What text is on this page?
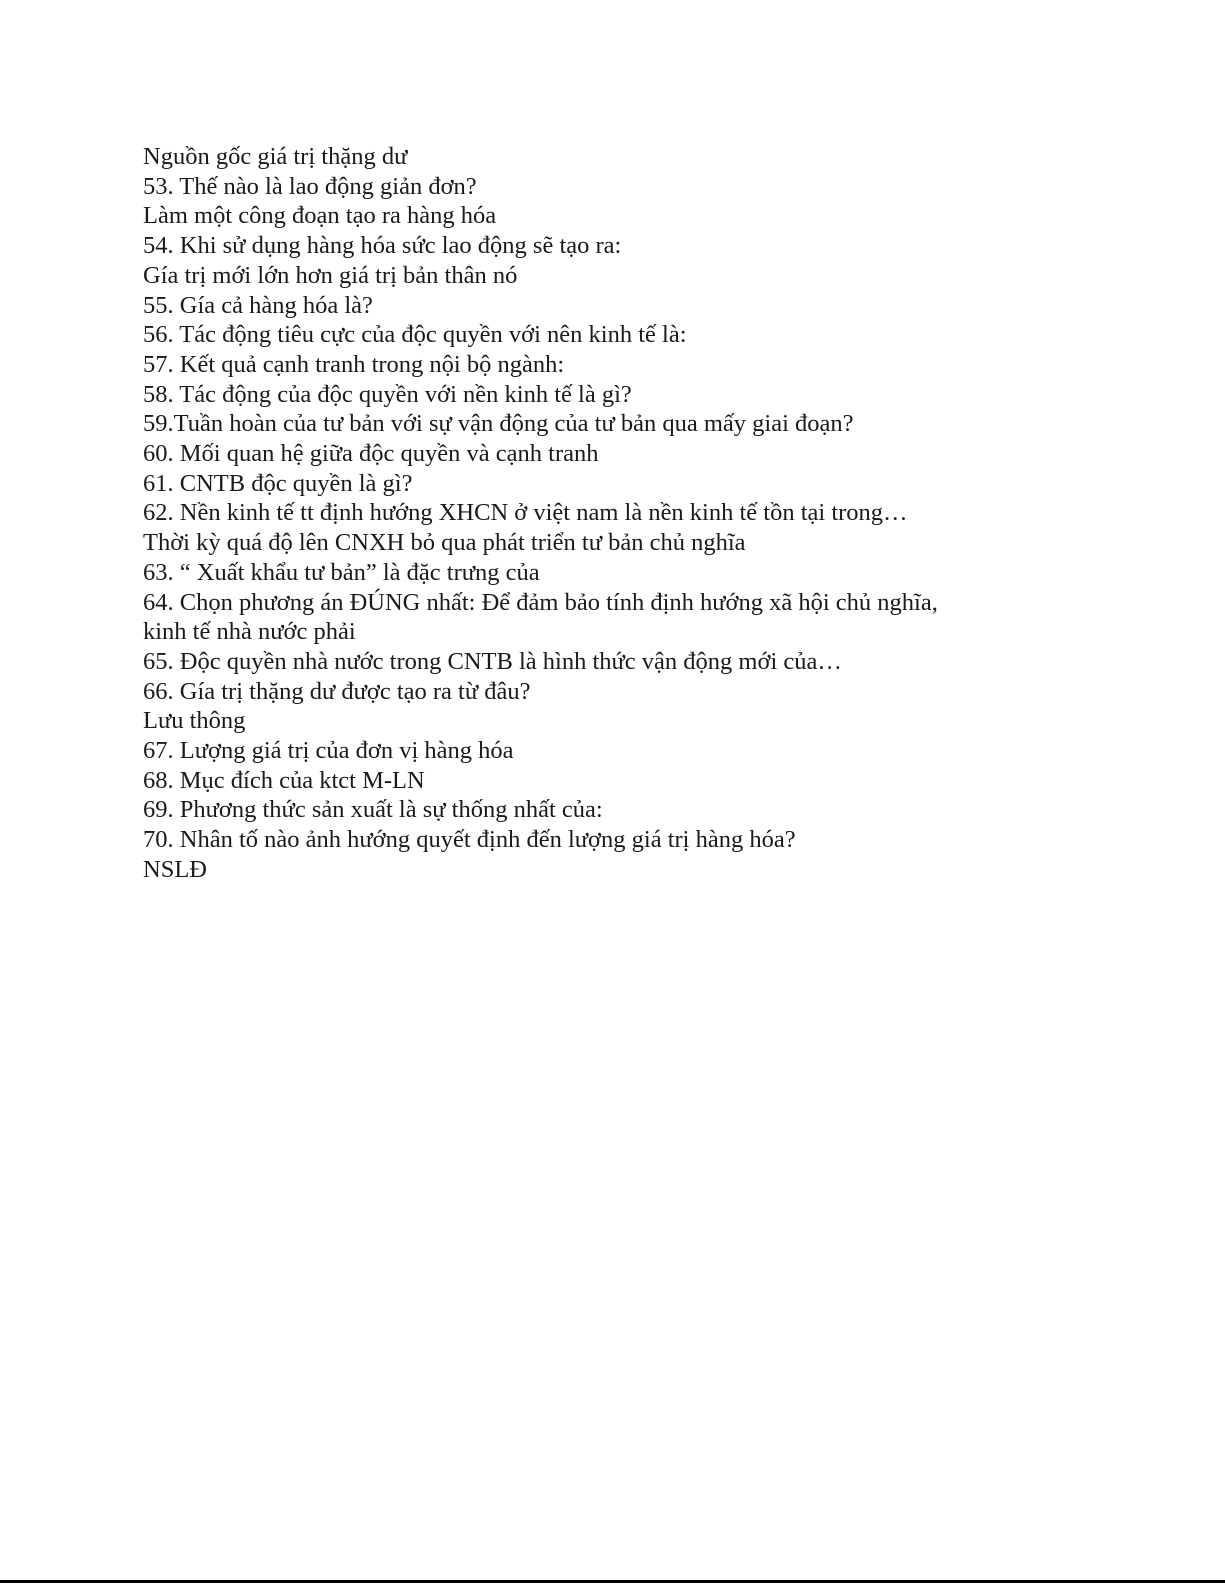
Nguồn gốc giá trị thặng dư
53. Thế nào là lao động giản đơn?
Làm một công đoạn tạo ra hàng hóa
54. Khi sử dụng hàng hóa sức lao động sẽ tạo ra:
Gía trị mới lớn hơn giá trị bản thân nó
55. Gía cả hàng hóa là?
56. Tác động tiêu cực của độc quyền với nên kinh tế là:
57. Kết quả cạnh tranh trong nội bộ ngành:
58. Tác động của độc quyền với nền kinh tế là gì?
59.Tuần hoàn của tư bản với sự vận động của tư bản qua mấy giai đoạn?
60. Mối quan hệ giữa độc quyền và cạnh tranh
61. CNTB độc quyền là gì?
62. Nền kinh tế tt định hướng XHCN ở việt nam là nền kinh tế tồn tại trong…
Thời kỳ quá độ lên CNXH bỏ qua phát triển tư bản chủ nghĩa
63. “ Xuất khẩu tư bản” là đặc trưng của
64. Chọn phương án ĐÚNG nhất: Để đảm bảo tính định hướng xã hội chủ nghĩa,
kinh tế nhà nước phải
65. Độc quyền nhà nước trong CNTB là hình thức vận động mới của…
66. Gía trị thặng dư được tạo ra từ đâu?
Lưu thông
67. Lượng giá trị của đơn vị hàng hóa
68. Mục đích của ktct M-LN
69. Phương thức sản xuất là sự thống nhất của:
70. Nhân tố nào ảnh hướng quyết định đến lượng giá trị hàng hóa?
NSLĐ
